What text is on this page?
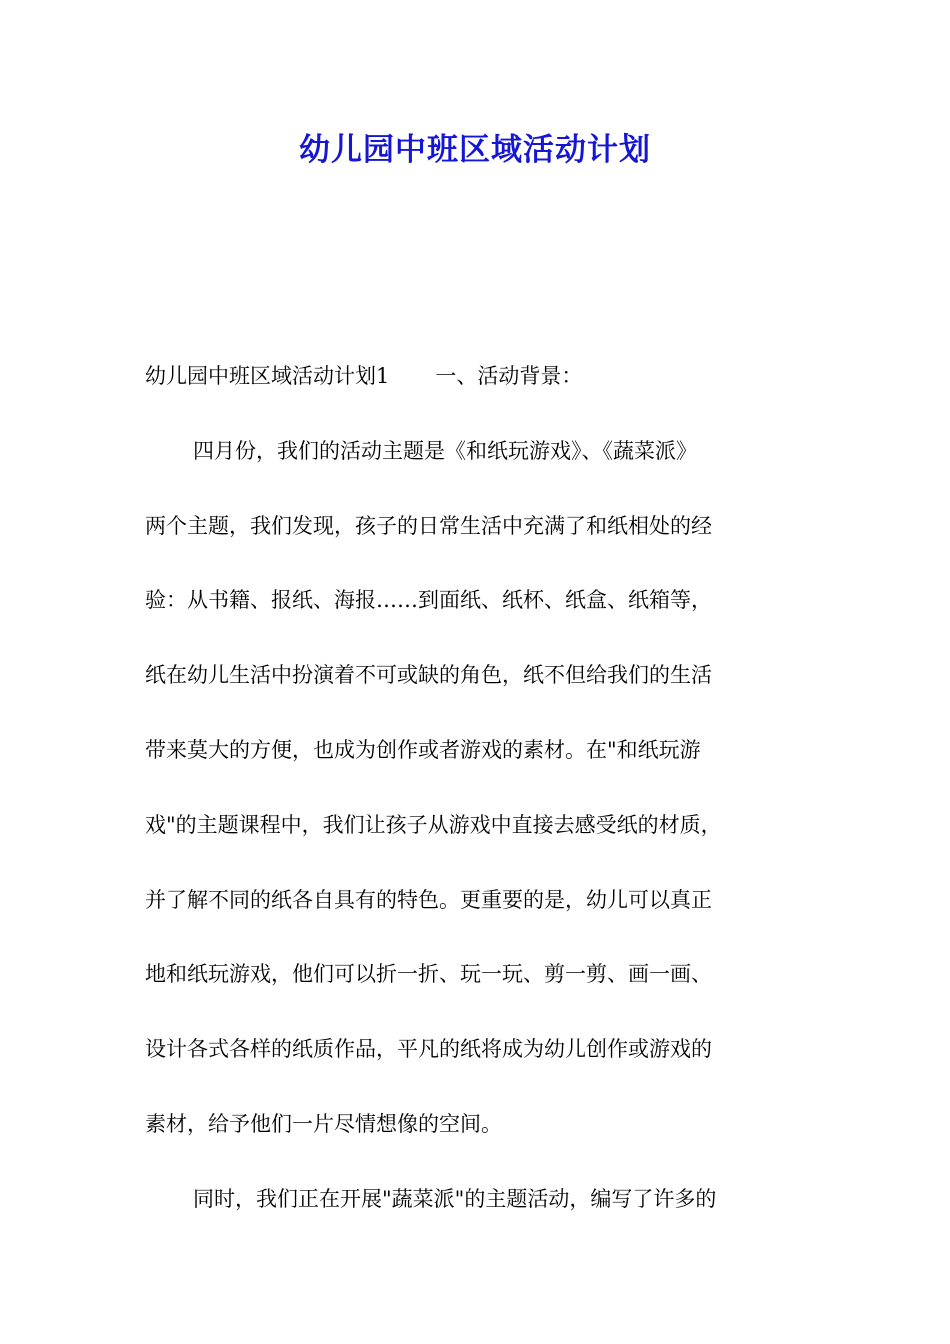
幼儿园中班区域活动计划
幼儿园中班区域活动计划1 一、活动背景：
四月份，我们的活动主题是《和纸玩游戏》、《蔬菜派》
两个主题，我们发现，孩子的日常生活中充满了和纸相处的经
验：从书籍、报纸、海报……到面纸、纸杯、纸盒、纸箱等，
纸在幼儿生活中扮演着不可或缺的角色，纸不但给我们的生活
带来莫大的方便，也成为创作或者游戏的素材。在"和纸玩游
戏"的主题课程中，我们让孩子从游戏中直接去感受纸的材质，
并了解不同的纸各自具有的特色。更重要的是，幼儿可以真正
地和纸玩游戏，他们可以折一折、玩一玩、剪一剪、画一画、
设计各式各样的纸质作品，平凡的纸将成为幼儿创作或游戏的
素材，给予他们一片尽情想像的空间。
同时，我们正在开展"蔬菜派"的主题活动，编写了许多的
